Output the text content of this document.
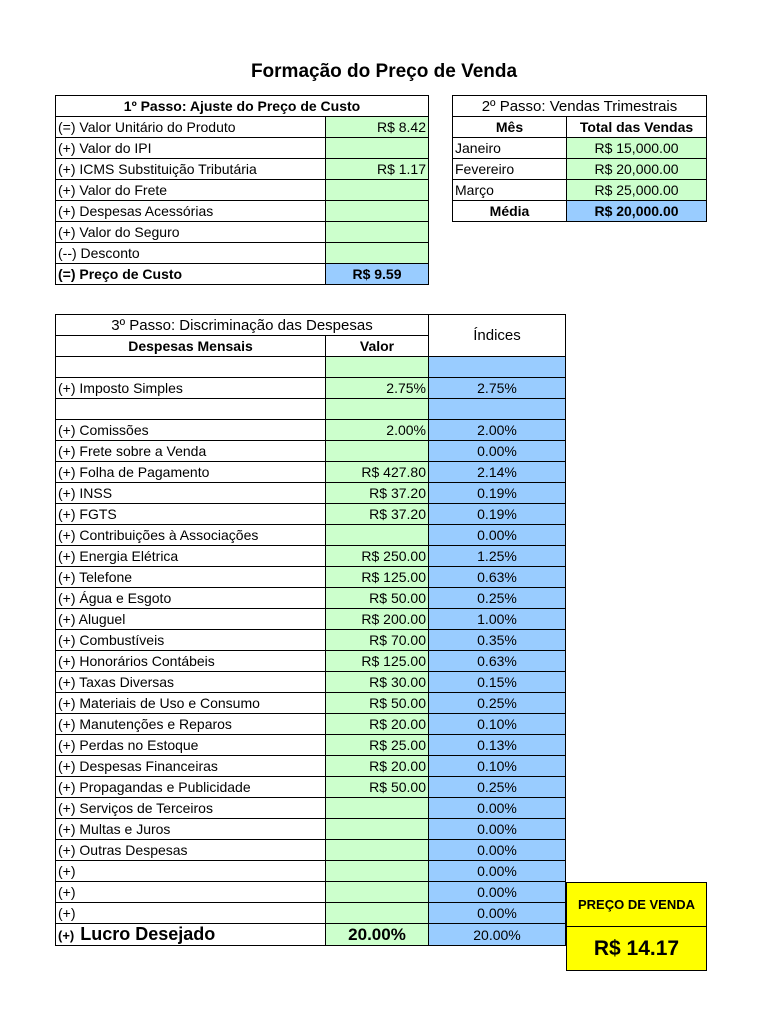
Formação do Preço de Venda
1º Passo: Ajuste do Preço de Custo	
(=) Valor Unitário do Produto	R$ 8.42
(+) Valor do IPI	
(+) ICMS Substituição Tributária	R$ 1.17
(+) Valor do Frete	
(+) Despesas Acessórias	
(+) Valor do Seguro	
(--) Desconto	
(=) Preço de Custo	R$ 9.59
2º Passo: Vendas Trimestrais	
Mês	Total das Vendas
Janeiro	R$ 15,000.00
Fevereiro	R$ 20,000.00
Março	R$ 25,000.00
Média	R$ 20,000.00
3º Passo: Discriminação das Despesas		Índices
Despesas Mensais	Valor	

(+) Imposto Simples	2.75%	2.75%

(+) Comissões	2.00%	2.00%
(+) Frete sobre a Venda		0.00%
(+) Folha de Pagamento	R$ 427.80	2.14%
(+) INSS	R$ 37.20	0.19%
(+) FGTS	R$ 37.20	0.19%
(+) Contribuições à Associações		0.00%
(+) Energia Elétrica	R$ 250.00	1.25%
(+) Telefone	R$ 125.00	0.63%
(+) Água e Esgoto	R$ 50.00	0.25%
(+) Aluguel	R$ 200.00	1.00%
(+) Combustíveis	R$ 70.00	0.35%
(+) Honorários Contábeis	R$ 125.00	0.63%
(+) Taxas Diversas	R$ 30.00	0.15%
(+) Materiais de Uso e Consumo	R$ 50.00	0.25%
(+) Manutenções e Reparos	R$ 20.00	0.10%
(+) Perdas no Estoque	R$ 25.00	0.13%
(+) Despesas Financeiras	R$ 20.00	0.10%
(+) Propagandas e Publicidade	R$ 50.00	0.25%
(+) Serviços de Terceiros		0.00%
(+) Multas e Juros		0.00%
(+) Outras Despesas		0.00%
(+)		0.00%
(+)		0.00%
(+)		0.00%
(+) Lucro Desejado	20.00%	20.00%
PREÇO DE VENDA
R$ 14.17
